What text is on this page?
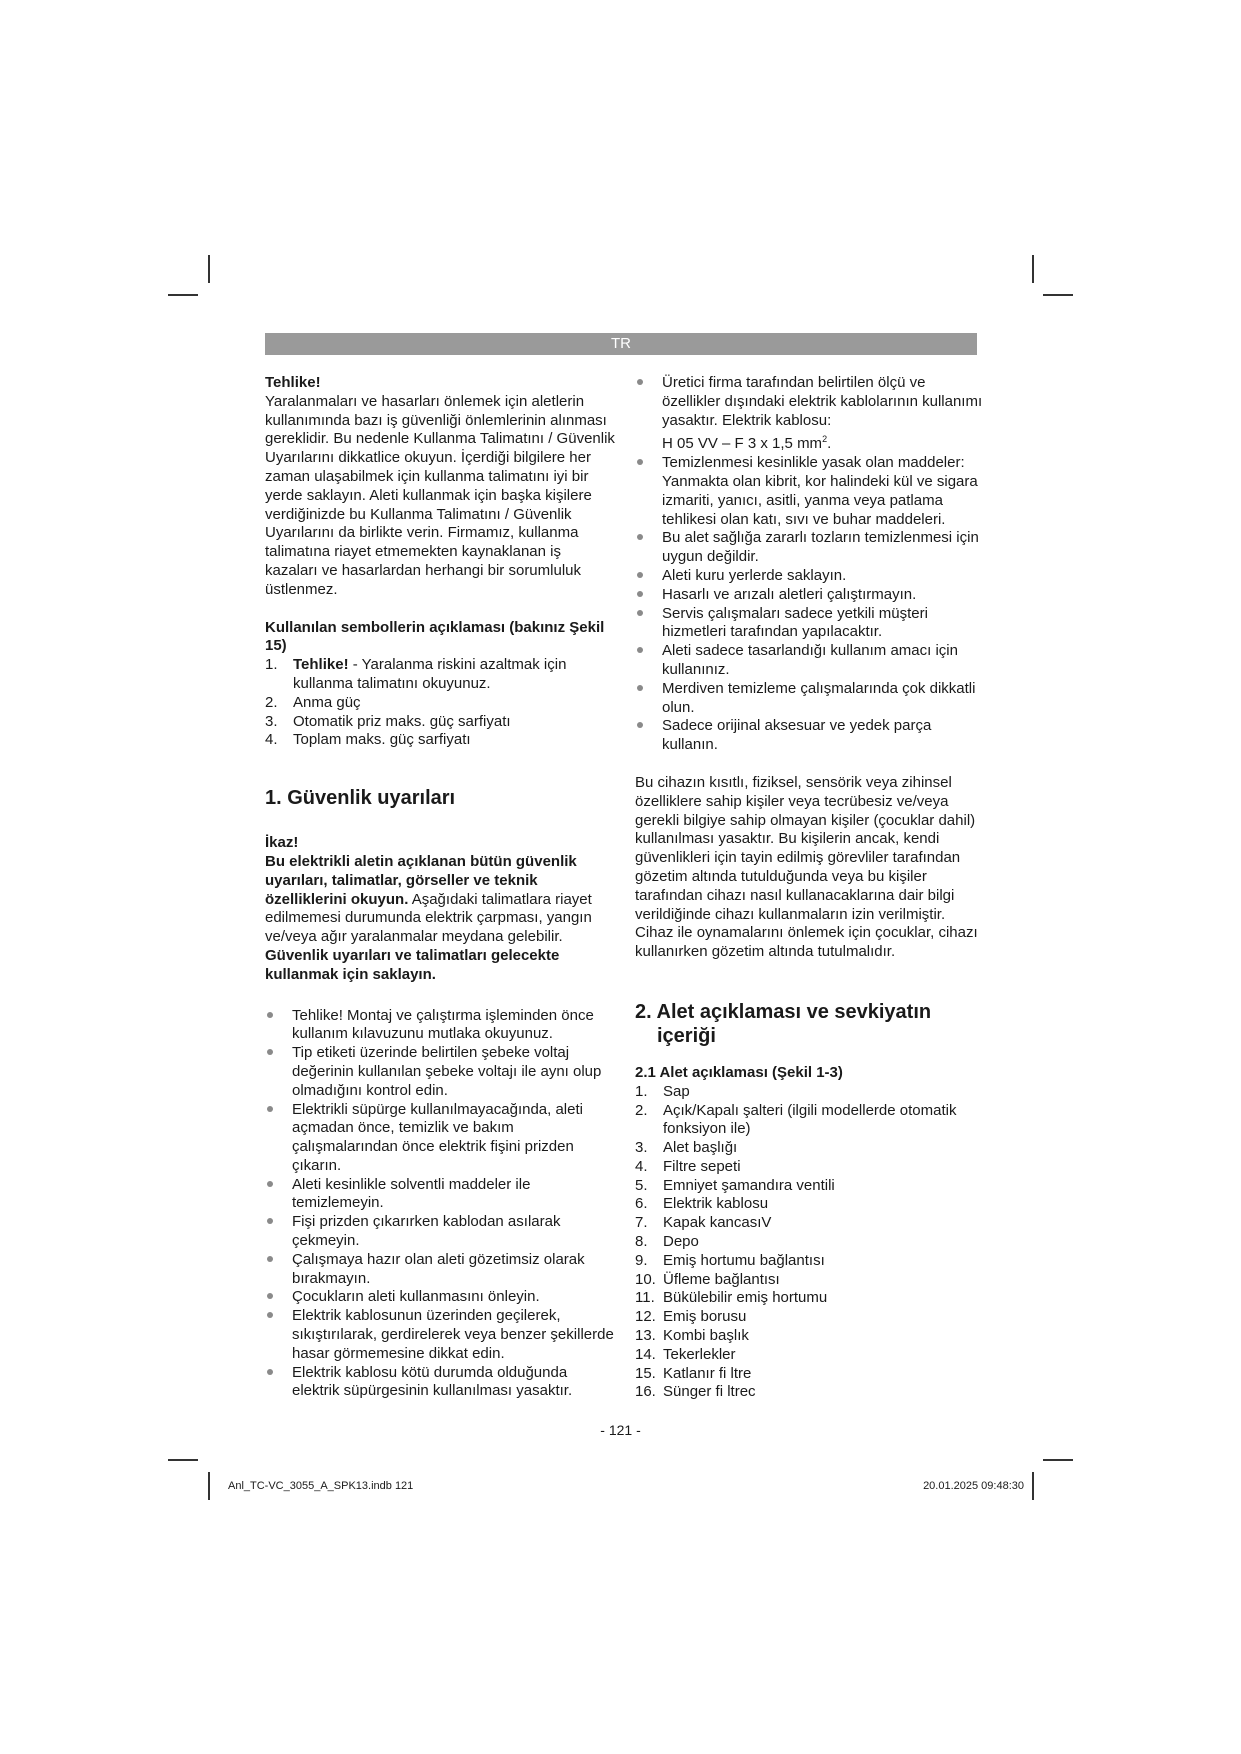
TR

Tehlike!

Yaralanmaları ve hasarları önlemek için aletlerin kullanımında bazı iş güvenliği önlemlerinin alınması gereklidir. Bu nedenle Kullanma Talimatını / Güvenlik Uyarılarını dikkatlice okuyun. İçerdiği bilgilere her zaman ulaşabilmek için kullanma talimatını iyi bir yerde saklayın. Aleti kullanmak için başka kişilere verdiğinizde bu Kullanma Talimatını / Güvenlik Uyarılarını da birlikte verin. Firmamız, kullanma talimatına riayet etmemekten kaynaklanan iş kazaları ve hasarlardan herhangi bir sorumluluk üstlenmez.

Kullanılan sembollerin açıklaması (bakınız Şekil 15)

1. Tehlike! - Yaralanma riskini azaltmak için kullanma talimatını okuyunuz.
2. Anma güç
3. Otomatik priz maks. güç sarfiyatı
4. Toplam maks. güç sarfiyatı

1. Güvenlik uyarıları

İkaz!

Bu elektrikli aletin açıklanan bütün güvenlik uyarıları, talimatlar, görseller ve teknik özelliklerini okuyun. Aşağıdaki talimatlara riayet edilmemesi durumunda elektrik çarpması, yangın ve/veya ağır yaralanmalar meydana gelebilir.

Güvenlik uyarıları ve talimatları gelecekte kullanmak için saklayın.

Tehlike! Montaj ve çalıştırma işleminden önce kullanım kılavuzunu mutlaka okuyunuz.
Tip etiketi üzerinde belirtilen şebeke voltaj değerinin kullanılan şebeke voltajı ile aynı olup olmadığını kontrol edin.
Elektrikli süpürge kullanılmayacağında, aleti açmadan önce, temizlik ve bakım çalışmalarından önce elektrik fişini prizden çıkarın.
Aleti kesinlikle solventli maddeler ile temizlemeyin.
Fişi prizden çıkarırken kablodan asılarak çekmeyin.
Çalışmaya hazır olan aleti gözetimsiz olarak bırakmayın.
Çocukların aleti kullanmasını önleyin.
Elektrik kablosunun üzerinden geçilerek, sıkıştırılarak, gerdirelerek veya benzer şekillerde hasar görmemesine dikkat edin.
Elektrik kablosu kötü durumda olduğunda elektrik süpürgesinin kullanılması yasaktır.
Üretici firma tarafından belirtilen ölçü ve özellikler dışındaki elektrik kablolarının kullanımı yasaktır. Elektrik kablosu:
H 05 VV – F 3 x 1,5 $mm^2$.
Temizlenmesi kesinlikle yasak olan maddeler: Yanmakta olan kibrit, kor halindeki kül ve sigara izmariti, yanıcı, asitli, yanma veya patlama tehlikesi olan katı, sıvı ve buhar maddeleri.
Bu alet sağlığa zararlı tozların temizlenmesi için uygun değildir.
Aleti kuru yerlerde saklayın.
Hasarlı ve arızalı aletleri çalıştırmayın.
Servis çalışmaları sadece yetkili müşteri hizmetleri tarafından yapılacaktır.
Aleti sadece tasarlandığı kullanım amacı için kullanınız.
Merdiven temizleme çalışmalarında çok dikkatli olun.
Sadece orijinal aksesuar ve yedek parça kullanın.

Bu cihazın kısıtlı, fiziksel, sensörik veya zihinsel özelliklere sahip kişiler veya tecrübesiz ve/veya gerekli bilgiye sahip olmayan kişiler (çocuklar dahil) kullanılması yasaktır. Bu kişilerin ancak, kendi güvenlikleri için tayin edilmiş görevliler tarafından gözetim altında tutulduğunda veya bu kişiler tarafından cihazı nasıl kullanacaklarına dair bilgi verildiğinde cihazı kullanmaların izin verilmiştir. Cihaz ile oynamalarını önlemek için çocuklar, cihazı kullanırken gözetim altında tutulmalıdır.

2. Alet açıklaması ve sevkiyatın içeriği

2.1 Alet açıklaması (Şekil 1-3)

1. Sap
2. Açık/Kapalı şalteri (ilgili modellerde otomatik fonksiyon ile)
3. Alet başlığı
4. Filtre sepeti
5. Emniyet şamandıra ventili
6. Elektrik kablosu
7. Kapak kancasıV
8. Depo
9. Emiş hortumu bağlantısı
10. Üfleme bağlantısı
11. Bükülebilir emiş hortumu
12. Emiş borusu
13. Kombi başlık
14. Tekerlekler
15. Katlanır fi ltre
16. Sünger fi ltrec
- 121 -
Anl_TC-VC_3055_A_SPK13.indb 121	20.01.2025 09:48:30
